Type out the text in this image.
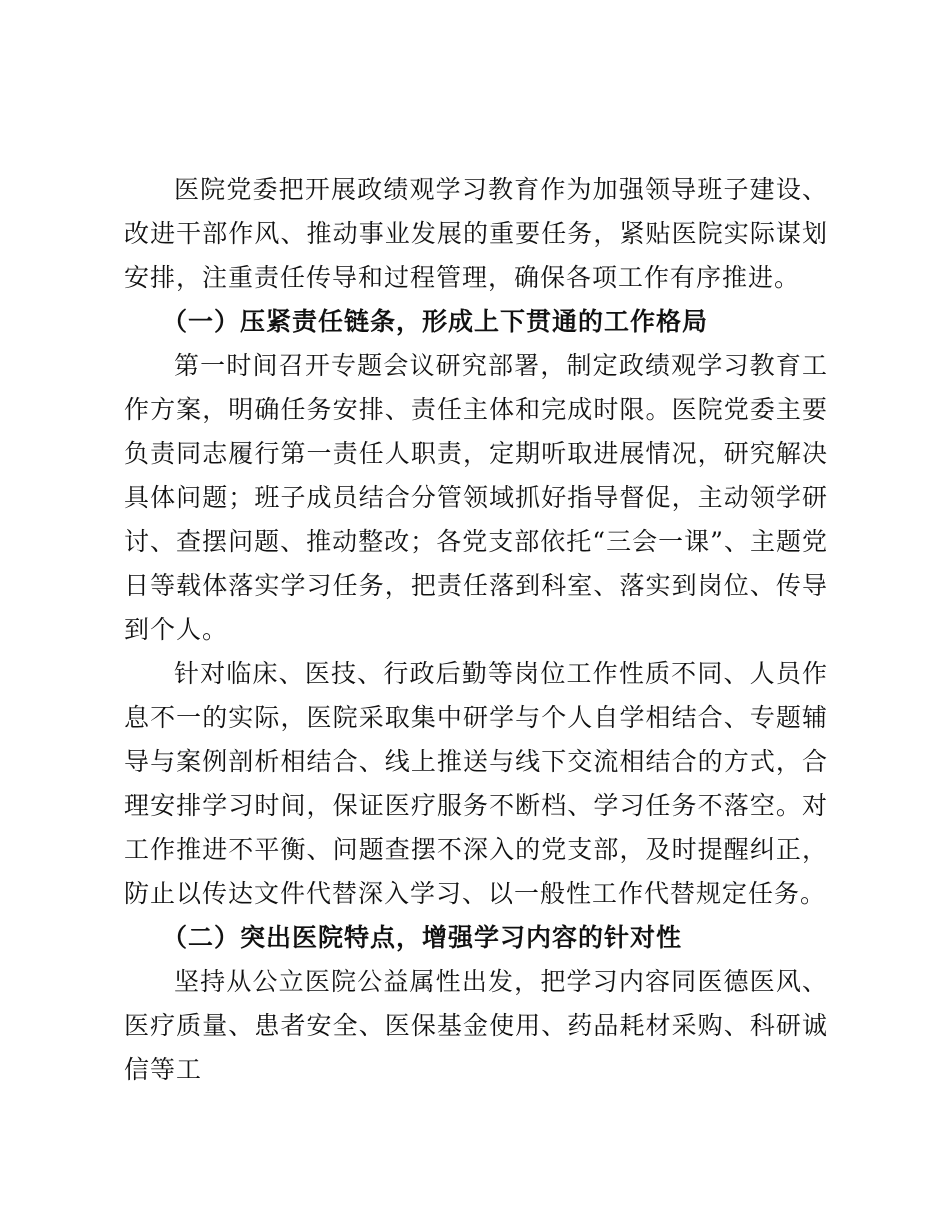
医院党委把开展政绩观学习教育作为加强领导班子建设、改进干部作风、推动事业发展的重要任务，紧贴医院实际谋划安排，注重责任传导和过程管理，确保各项工作有序推进。

（一）压紧责任链条，形成上下贯通的工作格局

第一时间召开专题会议研究部署，制定政绩观学习教育工作方案，明确任务安排、责任主体和完成时限。医院党委主要负责同志履行第一责任人职责，定期听取进展情况，研究解决具体问题；班子成员结合分管领域抓好指导督促，主动领学研讨、查摆问题、推动整改；各党支部依托“三会一课”、主题党日等载体落实学习任务，把责任落到科室、落实到岗位、传导到个人。

针对临床、医技、行政后勤等岗位工作性质不同、人员作息不一的实际，医院采取集中研学与个人自学相结合、专题辅导与案例剖析相结合、线上推送与线下交流相结合的方式，合理安排学习时间，保证医疗服务不断档、学习任务不落空。对工作推进不平衡、问题查摆不深入的党支部，及时提醒纠正，防止以传达文件代替深入学习、以一般性工作代替规定任务。

（二）突出医院特点，增强学习内容的针对性

坚持从公立医院公益属性出发，把学习内容同医德医风、医疗质量、患者安全、医保基金使用、药品耗材采购、科研诚信等工
